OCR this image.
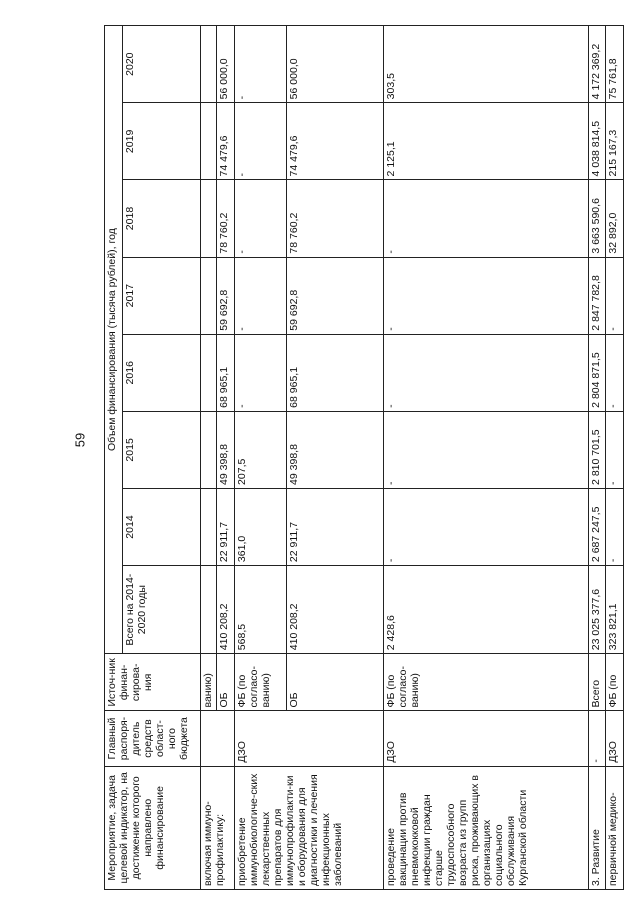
59
Мероприятие, задача целевой индикатор, на достижение которого направлено финансирование	Главный распоря-дитель средств област-ного бюджета	Источ-ник финан-сирова-ния	Объем финансирования (тысяча рублей), год							
			Всего на 2014-2020 годы	2014	2015	2016	2017	2018	2019	2020
включая иммуно-профилактику:		ванию)								
		ОБ	410 208,2	22 911,7	49 398,8	68 965,1	59 692,8	78 760,2	74 479,6	56 000,0
приобретение иммунобиологиче-ских лекарственных препаратов для иммунопрофилакти-ки и оборудования для диагностики и лечения инфекционных заболеваний	ДЗО	ФБ (по согласо-ванию)	568,5	361,0	207,5	-	-	-	-	-
		ОБ	410 208,2	22 911,7	49 398,8	68 965,1	59 692,8	78 760,2	74 479,6	56 000,0
проведение вакцинации против пневмококковой инфекции граждан старше трудоспособного возраста из групп риска, проживающих в организациях социального обслуживания Курганской области	ДЗО	ФБ (по согласо-ванию)	2 428,6	-	-	-	-	-	2 125,1	303,5
3. Развитие	-	Всего	23 025 377,6	2 687 247,5	2 810 701,5	2 804 871,5	2 847 782,8	3 663 590,6	4 038 814,5	4 172 369,2
первичной медико-	ДЗО	ФБ (по	323 821,1	-	-	-	-	32 892,0	215 167,3	75 761,8
